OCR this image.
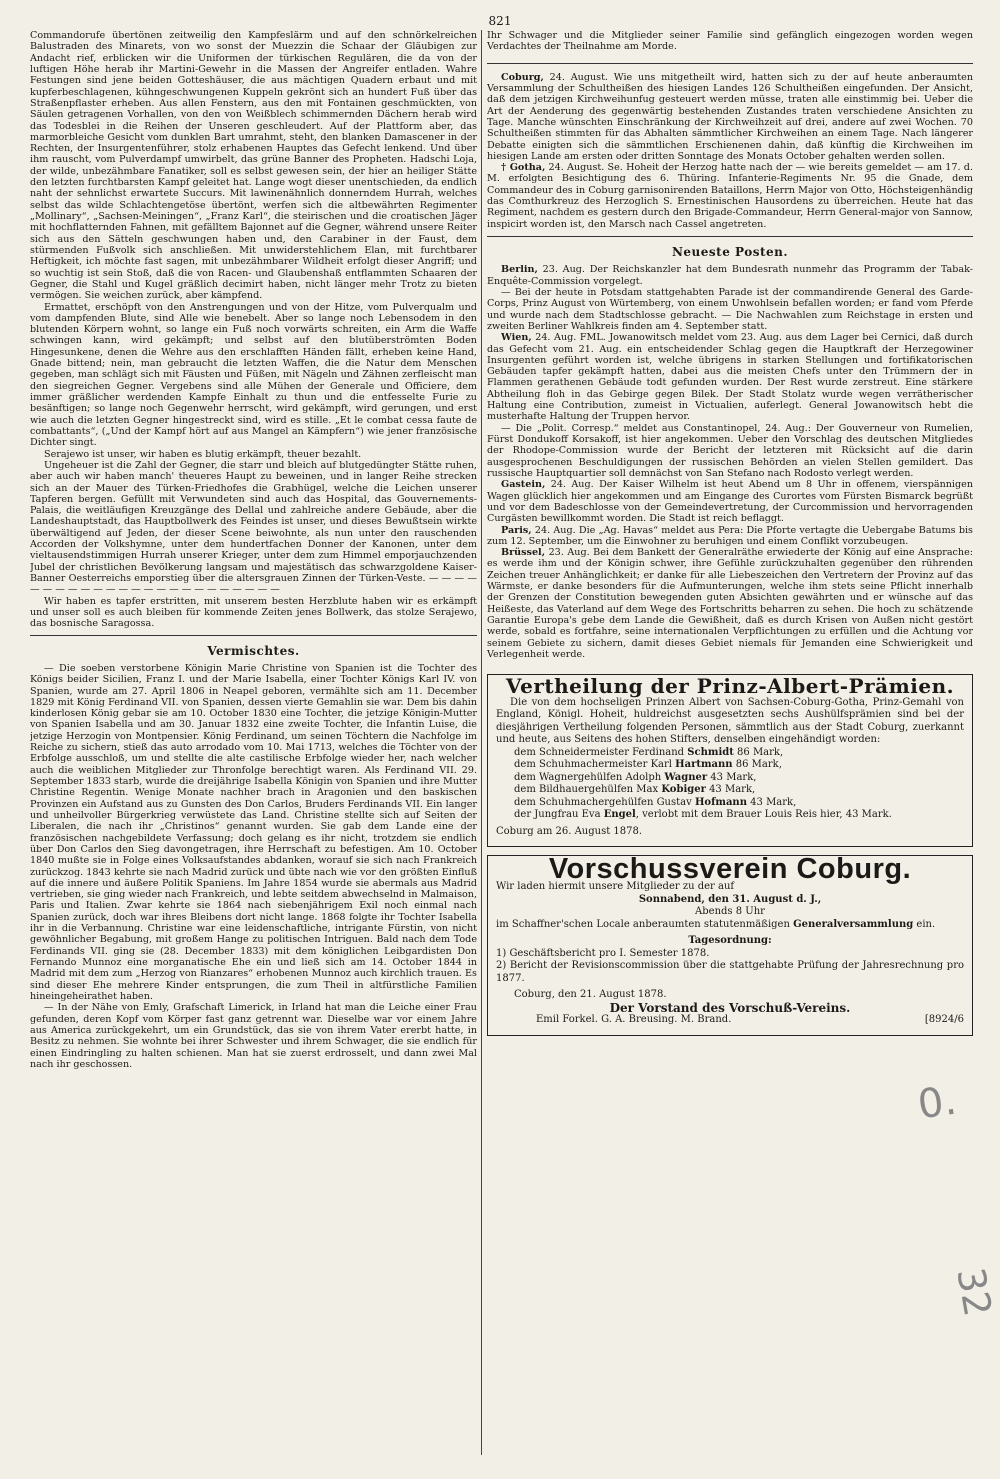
821

Commandorufe übertönen zeitweilig den Kampfeslärm und auf den schnörkelreichen Balustraden des Minarets, von wo sonst der Muezzin die Schaar der Gläubigen zur Andacht rief, erblicken wir die Uniformen der türkischen Regulären, die da von der luftigen Höhe herab ihr Martini-Gewehr in die Massen der Angreifer entladen. Wahre Festungen sind jene beiden Gotteshäuser, die aus mächtigen Quadern erbaut und mit kupferbeschlagenen, kühngeschwungenen Kuppeln gekrönt sich an hundert Fuß über das Straßenpflaster erheben. Aus allen Fenstern, aus den mit Fontainen geschmückten, von Säulen getragenen Vorhallen, von den von Weißblech schimmernden Dächern herab wird das Todesblei in die Reihen der Unseren geschleudert. Auf der Plattform aber, das marmorbleiche Gesicht vom dunklen Bart umrahmt, steht, den blanken Damascener in der Rechten, der Insurgentenführer, stolz erhabenen Hauptes das Gefecht lenkend. Und über ihm rauscht, vom Pulverdampf umwirbelt, das grüne Banner des Propheten. Hadschi Loja, der wilde, unbezähmbare Fanatiker, soll es selbst gewesen sein, der hier an heiliger Stätte den letzten furchtbarsten Kampf geleitet hat. Lange wogt dieser unentschieden, da endlich naht der sehnlichst erwartete Succurs. Mit lawinenähnlich donnerndem Hurrah, welches selbst das wilde Schlachtengetöse übertönt, werfen sich die altbewährten Regimenter „Mollinary“, „Sachsen-Meiningen“, „Franz Karl“, die steirischen und die croatischen Jäger mit hochflatternden Fahnen, mit gefälltem Bajonnet auf die Gegner, während unsere Reiter sich aus den Sätteln geschwungen haben und, den Carabiner in der Faust, dem stürmenden Fußvolk sich anschließen. Mit unwiderstehlichem Elan, mit furchtbarer Heftigkeit, ich möchte fast sagen, mit unbezähmbarer Wildheit erfolgt dieser Angriff; und so wuchtig ist sein Stoß, daß die von Racen- und Glaubenshaß entflammten Schaaren der Gegner, die Stahl und Kugel gräßlich decimirt haben, nicht länger mehr Trotz zu bieten vermögen. Sie weichen zurück, aber kämpfend.

Ermattet, erschöpft von den Anstrengungen und von der Hitze, vom Pulverqualm und vom dampfenden Blute, sind Alle wie benebelt. Aber so lange noch Lebensodem in den blutenden Körpern wohnt, so lange ein Fuß noch vorwärts schreiten, ein Arm die Waffe schwingen kann, wird gekämpft; und selbst auf den blutüberströmten Boden Hingesunkene, denen die Wehre aus den erschlafften Händen fällt, erheben keine Hand, Gnade bittend; nein, man gebraucht die letzten Waffen, die die Natur dem Menschen gegeben, man schlägt sich mit Fäusten und Füßen, mit Nägeln und Zähnen zerfleischt man den siegreichen Gegner. Vergebens sind alle Mühen der Generale und Officiere, dem immer gräßlicher werdenden Kampfe Einhalt zu thun und die entfesselte Furie zu besänftigen; so lange noch Gegenwehr herrscht, wird gekämpft, wird gerungen, und erst wie auch die letzten Gegner hingestreckt sind, wird es stille. „Et le combat cessa faute de combattants“, („Und der Kampf hört auf aus Mangel an Kämpfern“) wie jener französische Dichter singt.

Serajewo ist unser, wir haben es blutig erkämpft, theuer bezahlt.

Ungeheuer ist die Zahl der Gegner, die starr und bleich auf blutgedüngter Stätte ruhen, aber auch wir haben manch' theueres Haupt zu beweinen, und in langer Reihe strecken sich an der Mauer des Türken-Friedhofes die Grabhügel, welche die Leichen unserer Tapferen bergen. Gefüllt mit Verwundeten sind auch das Hospital, das Gouvernements-Palais, die weitläufigen Kreuzgänge des Dellal und zahlreiche andere Gebäude, aber die Landeshauptstadt, das Hauptbollwerk des Feindes ist unser, und dieses Bewußtsein wirkte überwältigend auf Jeden, der dieser Scene beiwohnte, als nun unter den rauschenden Accorden der Volkshymne, unter dem hundertfachen Donner der Kanonen, unter dem vieltausendstimmigen Hurrah unserer Krieger, unter dem zum Himmel emporjauchzenden Jubel der christlichen Bevölkerung langsam und majestätisch das schwarzgoldene Kaiser-Banner Oesterreichs emporstieg über die altersgrauen Zinnen der Türken-Veste. — — — — — — — — — — — — — — — — — — — — — — — —

Wir haben es tapfer erstritten, mit unserem besten Herzblute haben wir es erkämpft und unser soll es auch bleiben für kommende Zeiten jenes Bollwerk, das stolze Serajewo, das bosnische Saragossa.

Vermischtes.

— Die soeben verstorbene Königin Marie Christine von Spanien ist die Tochter des Königs beider Sicilien, Franz I. und der Marie Isabella, einer Tochter Königs Karl IV. von Spanien, wurde am 27. April 1806 in Neapel geboren, vermählte sich am 11. December 1829 mit König Ferdinand VII. von Spanien, dessen vierte Gemahlin sie war. Dem bis dahin kinderlosen König gebar sie am 10. October 1830 eine Tochter, die jetzige Königin-Mutter von Spanien Isabella und am 30. Januar 1832 eine zweite Tochter, die Infantin Luise, die jetzige Herzogin von Montpensier. König Ferdinand, um seinen Töchtern die Nachfolge im Reiche zu sichern, stieß das auto arrodado vom 10. Mai 1713, welches die Töchter von der Erbfolge ausschloß, um und stellte die alte castilische Erbfolge wieder her, nach welcher auch die weiblichen Mitglieder zur Thronfolge berechtigt waren. Als Ferdinand VII. 29. September 1833 starb, wurde die dreijährige Isabella Königin von Spanien und ihre Mutter Christine Regentin. Wenige Monate nachher brach in Aragonien und den baskischen Provinzen ein Aufstand aus zu Gunsten des Don Carlos, Bruders Ferdinands VII. Ein langer und unheilvoller Bürgerkrieg verwüstete das Land. Christine stellte sich auf Seiten der Liberalen, die nach ihr „Christinos“ genannt wurden. Sie gab dem Lande eine der französischen nachgebildete Verfassung; doch gelang es ihr nicht, trotzdem sie endlich über Don Carlos den Sieg davongetragen, ihre Herrschaft zu befestigen. Am 10. October 1840 mußte sie in Folge eines Volksaufstandes abdanken, worauf sie sich nach Frankreich zurückzog. 1843 kehrte sie nach Madrid zurück und übte nach wie vor den größten Einfluß auf die innere und äußere Politik Spaniens. Im Jahre 1854 wurde sie abermals aus Madrid vertrieben, sie ging wieder nach Frankreich, und lebte seitdem abwechselnd in Malmaison, Paris und Italien. Zwar kehrte sie 1864 nach siebenjährigem Exil noch einmal nach Spanien zurück, doch war ihres Bleibens dort nicht lange. 1868 folgte ihr Tochter Isabella ihr in die Verbannung. Christine war eine leidenschaftliche, intrigante Fürstin, von nicht gewöhnlicher Begabung, mit großem Hange zu politischen Intriguen. Bald nach dem Tode Ferdinands VII. ging sie (28. December 1833) mit dem königlichen Leibgardisten Don Fernando Munnoz eine morganatische Ehe ein und ließ sich am 14. October 1844 in Madrid mit dem zum „Herzog von Rianzares“ erhobenen Munnoz auch kirchlich trauen. Es sind dieser Ehe mehrere Kinder entsprungen, die zum Theil in altfürstliche Familien hineingeheirathet haben.

— In der Nähe von Emly, Grafschaft Limerick, in Irland hat man die Leiche einer Frau gefunden, deren Kopf vom Körper fast ganz getrennt war. Dieselbe war vor einem Jahre aus America zurückgekehrt, um ein Grundstück, das sie von ihrem Vater ererbt hatte, in Besitz zu nehmen. Sie wohnte bei ihrer Schwester und ihrem Schwager, die sie endlich für einen Eindringling zu halten schienen. Man hat sie zuerst erdrosselt, und dann zwei Mal nach ihr geschossen.

Ihr Schwager und die Mitglieder seiner Familie sind gefänglich eingezogen worden wegen Verdachtes der Theilnahme am Morde.

Coburg, 24. August. Wie uns mitgetheilt wird, hatten sich zu der auf heute anberaumten Versammlung der Schultheißen des hiesigen Landes 126 Schultheißen eingefunden. Der Ansicht, daß dem jetzigen Kirchweihunfug gesteuert werden müsse, traten alle einstimmig bei. Ueber die Art der Aenderung des gegenwärtig bestehenden Zustandes traten verschiedene Ansichten zu Tage. Manche wünschten Einschränkung der Kirchweihzeit auf drei, andere auf zwei Wochen. 70 Schultheißen stimmten für das Abhalten sämmtlicher Kirchweihen an einem Tage. Nach längerer Debatte einigten sich die sämmtlichen Erschienenen dahin, daß künftig die Kirchweihen im hiesigen Lande am ersten oder dritten Sonntage des Monats October gehalten werden sollen.

† Gotha, 24. August. Se. Hoheit der Herzog hatte nach der — wie bereits gemeldet — am 17. d. M. erfolgten Besichtigung des 6. Thüring. Infanterie-Regiments Nr. 95 die Gnade, dem Commandeur des in Coburg garnisonirenden Bataillons, Herrn Major von Otto, Höchsteigenhändig das Comthurkreuz des Herzoglich S. Ernestinischen Hausordens zu überreichen. Heute hat das Regiment, nachdem es gestern durch den Brigade-Commandeur, Herrn General-major von Sannow, inspicirt worden ist, den Marsch nach Cassel angetreten.

Neueste Posten.

Berlin, 23. Aug. Der Reichskanzler hat dem Bundesrath nunmehr das Programm der Tabak-Enquête-Commission vorgelegt.

— Bei der heute in Potsdam stattgehabten Parade ist der commandirende General des Garde-Corps, Prinz August von Würtemberg, von einem Unwohlsein befallen worden; er fand vom Pferde und wurde nach dem Stadtschlosse gebracht. — Die Nachwahlen zum Reichstage in ersten und zweiten Berliner Wahlkreis finden am 4. September statt.

Wien, 24. Aug. FML. Jowanowitsch meldet vom 23. Aug. aus dem Lager bei Cernici, daß durch das Gefecht vom 21. Aug. ein entscheidender Schlag gegen die Hauptkraft der Herzegowiner Insurgenten geführt worden ist, welche übrigens in starken Stellungen und fortifikatorischen Gebäuden tapfer gekämpft hatten, dabei aus die meisten Chefs unter den Trümmern der in Flammen gerathenen Gebäude todt gefunden wurden. Der Rest wurde zerstreut. Eine stärkere Abtheilung floh in das Gebirge gegen Bilek. Der Stadt Stolatz wurde wegen verrätherischer Haltung eine Contribution, zumeist in Victualien, auferlegt. General Jowanowitsch hebt die musterhafte Haltung der Truppen hervor.

— Die „Polit. Corresp.“ meldet aus Constantinopel, 24. Aug.: Der Gouverneur von Rumelien, Fürst Dondukoff Korsakoff, ist hier angekommen. Ueber den Vorschlag des deutschen Mitgliedes der Rhodope-Commission wurde der Bericht der letzteren mit Rücksicht auf die darin ausgesprochenen Beschuldigungen der russischen Behörden an vielen Stellen gemildert. Das russische Hauptquartier soll demnächst von San Stefano nach Rodosto verlegt werden.

Gastein, 24. Aug. Der Kaiser Wilhelm ist heut Abend um 8 Uhr in offenem, vierspännigen Wagen glücklich hier angekommen und am Eingange des Curortes vom Fürsten Bismarck begrüßt und vor dem Badeschlosse von der Gemeindevertretung, der Curcommission und hervorragenden Curgästen bewillkommt worden. Die Stadt ist reich beflaggt.

Paris, 24. Aug. Die „Ag. Havas“ meldet aus Pera: Die Pforte vertagte die Uebergabe Batums bis zum 12. September, um die Einwohner zu beruhigen und einem Conflikt vorzubeugen.

Brüssel, 23. Aug. Bei dem Bankett der Generalräthe erwiederte der König auf eine Ansprache: es werde ihm und der Königin schwer, ihre Gefühle zurückzuhalten gegenüber den rührenden Zeichen treuer Anhänglichkeit; er danke für alle Liebeszeichen den Vertretern der Provinz auf das Wärmste, er danke besonders für die Aufmunterungen, welche ihm stets seine Pflicht innerhalb der Grenzen der Constitution bewegenden guten Absichten gewährten und er wünsche auf das Heißeste, das Vaterland auf dem Wege des Fortschritts beharren zu sehen. Die hoch zu schätzende Garantie Europa's gebe dem Lande die Gewißheit, daß es durch Krisen von Außen nicht gestört werde, sobald es fortfahre, seine internationalen Verpflichtungen zu erfüllen und die Achtung vor seinem Gebiete zu sichern, damit dieses Gebiet niemals für Jemanden eine Schwierigkeit und Verlegenheit werde.

Vertheilung der Prinz-Albert-Prämien.

Die von dem hochseligen Prinzen Albert von Sachsen-Coburg-Gotha, Prinz-Gemahl von England, Königl. Hoheit, huldreichst ausgesetzten sechs Aushülfsprämien sind bei der diesjährigen Vertheilung folgenden Personen, sämmtlich aus der Stadt Coburg, zuerkannt und heute, aus Seitens des hohen Stifters, denselben eingehändigt worden:

dem Schneidermeister Ferdinand Schmidt 86 Mark,
dem Schuhmachermeister Karl Hartmann 86 Mark,
dem Wagnergehülfen Adolph Wagner 43 Mark,
dem Bildhauergehülfen Max Kobiger 43 Mark,
dem Schuhmachergehülfen Gustav Hofmann 43 Mark,
der Jungfrau Eva Engel, verlobt mit dem Brauer Louis Reis hier, 43 Mark.
Coburg am 26. August 1878.
Vorschussverein Coburg.
Wir laden hiermit unsere Mitglieder zu der auf
Sonnabend, den 31. August d. J.,
Abends 8 Uhr
im Schaffner'schen Locale anberaumten statutenmäßigen Generalversammlung ein.
Tagesordnung:
1) Geschäftsbericht pro I. Semester 1878.
2) Bericht der Revisionscommission über die stattgehabte Prüfung der Jahresrechnung pro 1877.
Coburg, den 21. August 1878.
Der Vorstand des Vorschuß-Vereins.
Emil Forkel. G. A. Breusing. M. Brand.	[8924/6
0.
32
